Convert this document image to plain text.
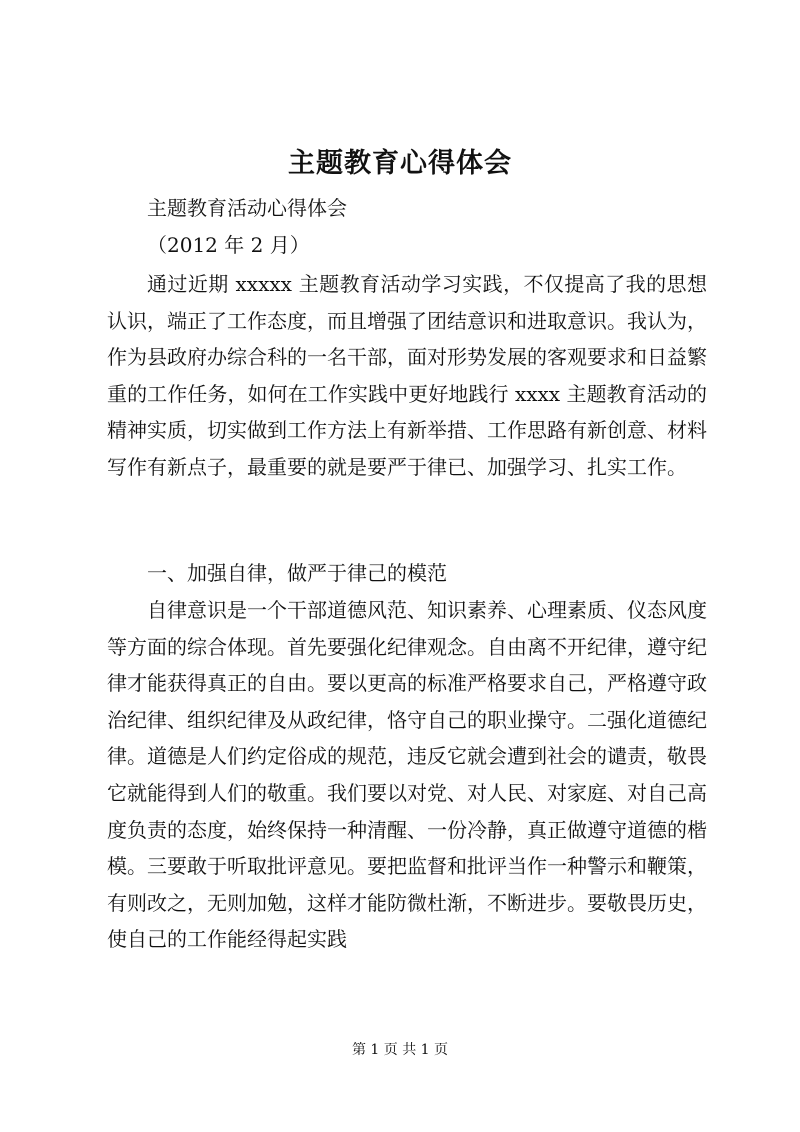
主题教育心得体会
主题教育活动心得体会
（2012 年 2 月）

通过近期 xxxxx 主题教育活动学习实践，不仅提高了我的思想认识，端正了工作态度，而且增强了团结意识和进取意识。我认为，作为县政府办综合科的一名干部，面对形势发展的客观要求和日益繁重的工作任务，如何在工作实践中更好地践行 xxxx 主题教育活动的精神实质，切实做到工作方法上有新举措、工作思路有新创意、材料写作有新点子，最重要的就是要严于律已、加强学习、扎实工作。

一、加强自律，做严于律己的模范

自律意识是一个干部道德风范、知识素养、心理素质、仪态风度等方面的综合体现。首先要强化纪律观念。自由离不开纪律，遵守纪律才能获得真正的自由。要以更高的标准严格要求自己，严格遵守政治纪律、组织纪律及从政纪律，恪守自己的职业操守。二强化道德纪律。道德是人们约定俗成的规范，违反它就会遭到社会的谴责，敬畏它就能得到人们的敬重。我们要以对党、对人民、对家庭、对自己高度负责的态度，始终保持一种清醒、一份冷静，真正做遵守道德的楷模。三要敢于听取批评意见。要把监督和批评当作一种警示和鞭策，有则改之，无则加勉，这样才能防微杜渐，不断进步。要敬畏历史，使自己的工作能经得起实践

第 1 页 共 1 页
